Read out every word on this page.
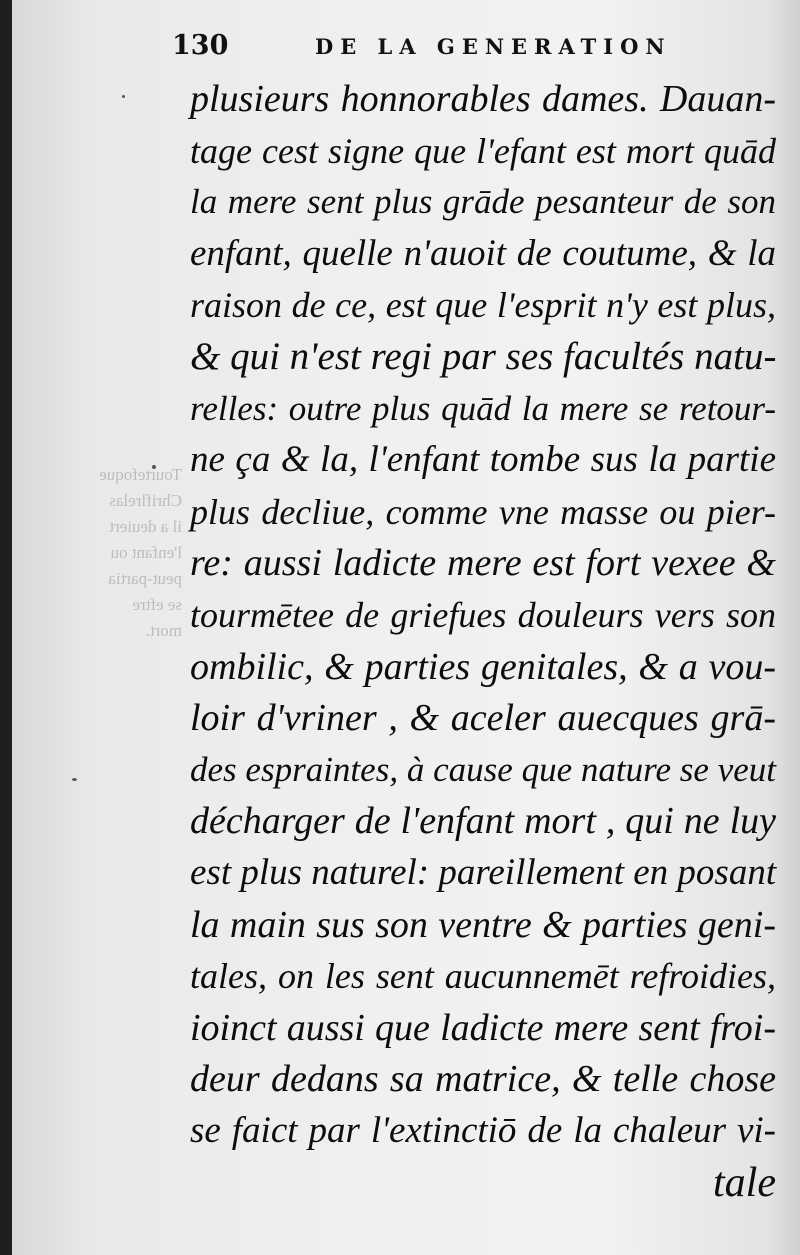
Tourtefoque
Chriflrelas
il a deuiert
l'enfant ou
peut-partia
se eftre
mort.
130	DE LA GENERATION
plusieurs honnorables dames. Dauan-
tage cest signe que l'efant est mort quād
la mere sent plus grāde pesanteur de son
enfant, quelle n'auoit de coutume, & la
raison de ce, est que l'esprit n'y est plus,
& qui n'est regi par ses facultés natu-
relles: outre plus quād la mere se retour-
ne ça & la, l'enfant tombe sus la partie
plus decliue, comme vne masse ou pier-
re: aussi ladicte mere est fort vexee &
tourmētee de griefues douleurs vers son
ombilic, & parties genitales, & a vou-
loir d'vriner , & aceler auecques grā-
des espraintes, à cause que nature se veut
décharger de l'enfant mort , qui ne luy
est plus naturel: pareillement en posant
la main sus son ventre & parties geni-
tales, on les sent aucunnemēt refroidies,
ioinct aussi que ladicte mere sent froi-
deur dedans sa matrice, & telle chose
se faict par l'extinctiō de la chaleur vi-
tale
